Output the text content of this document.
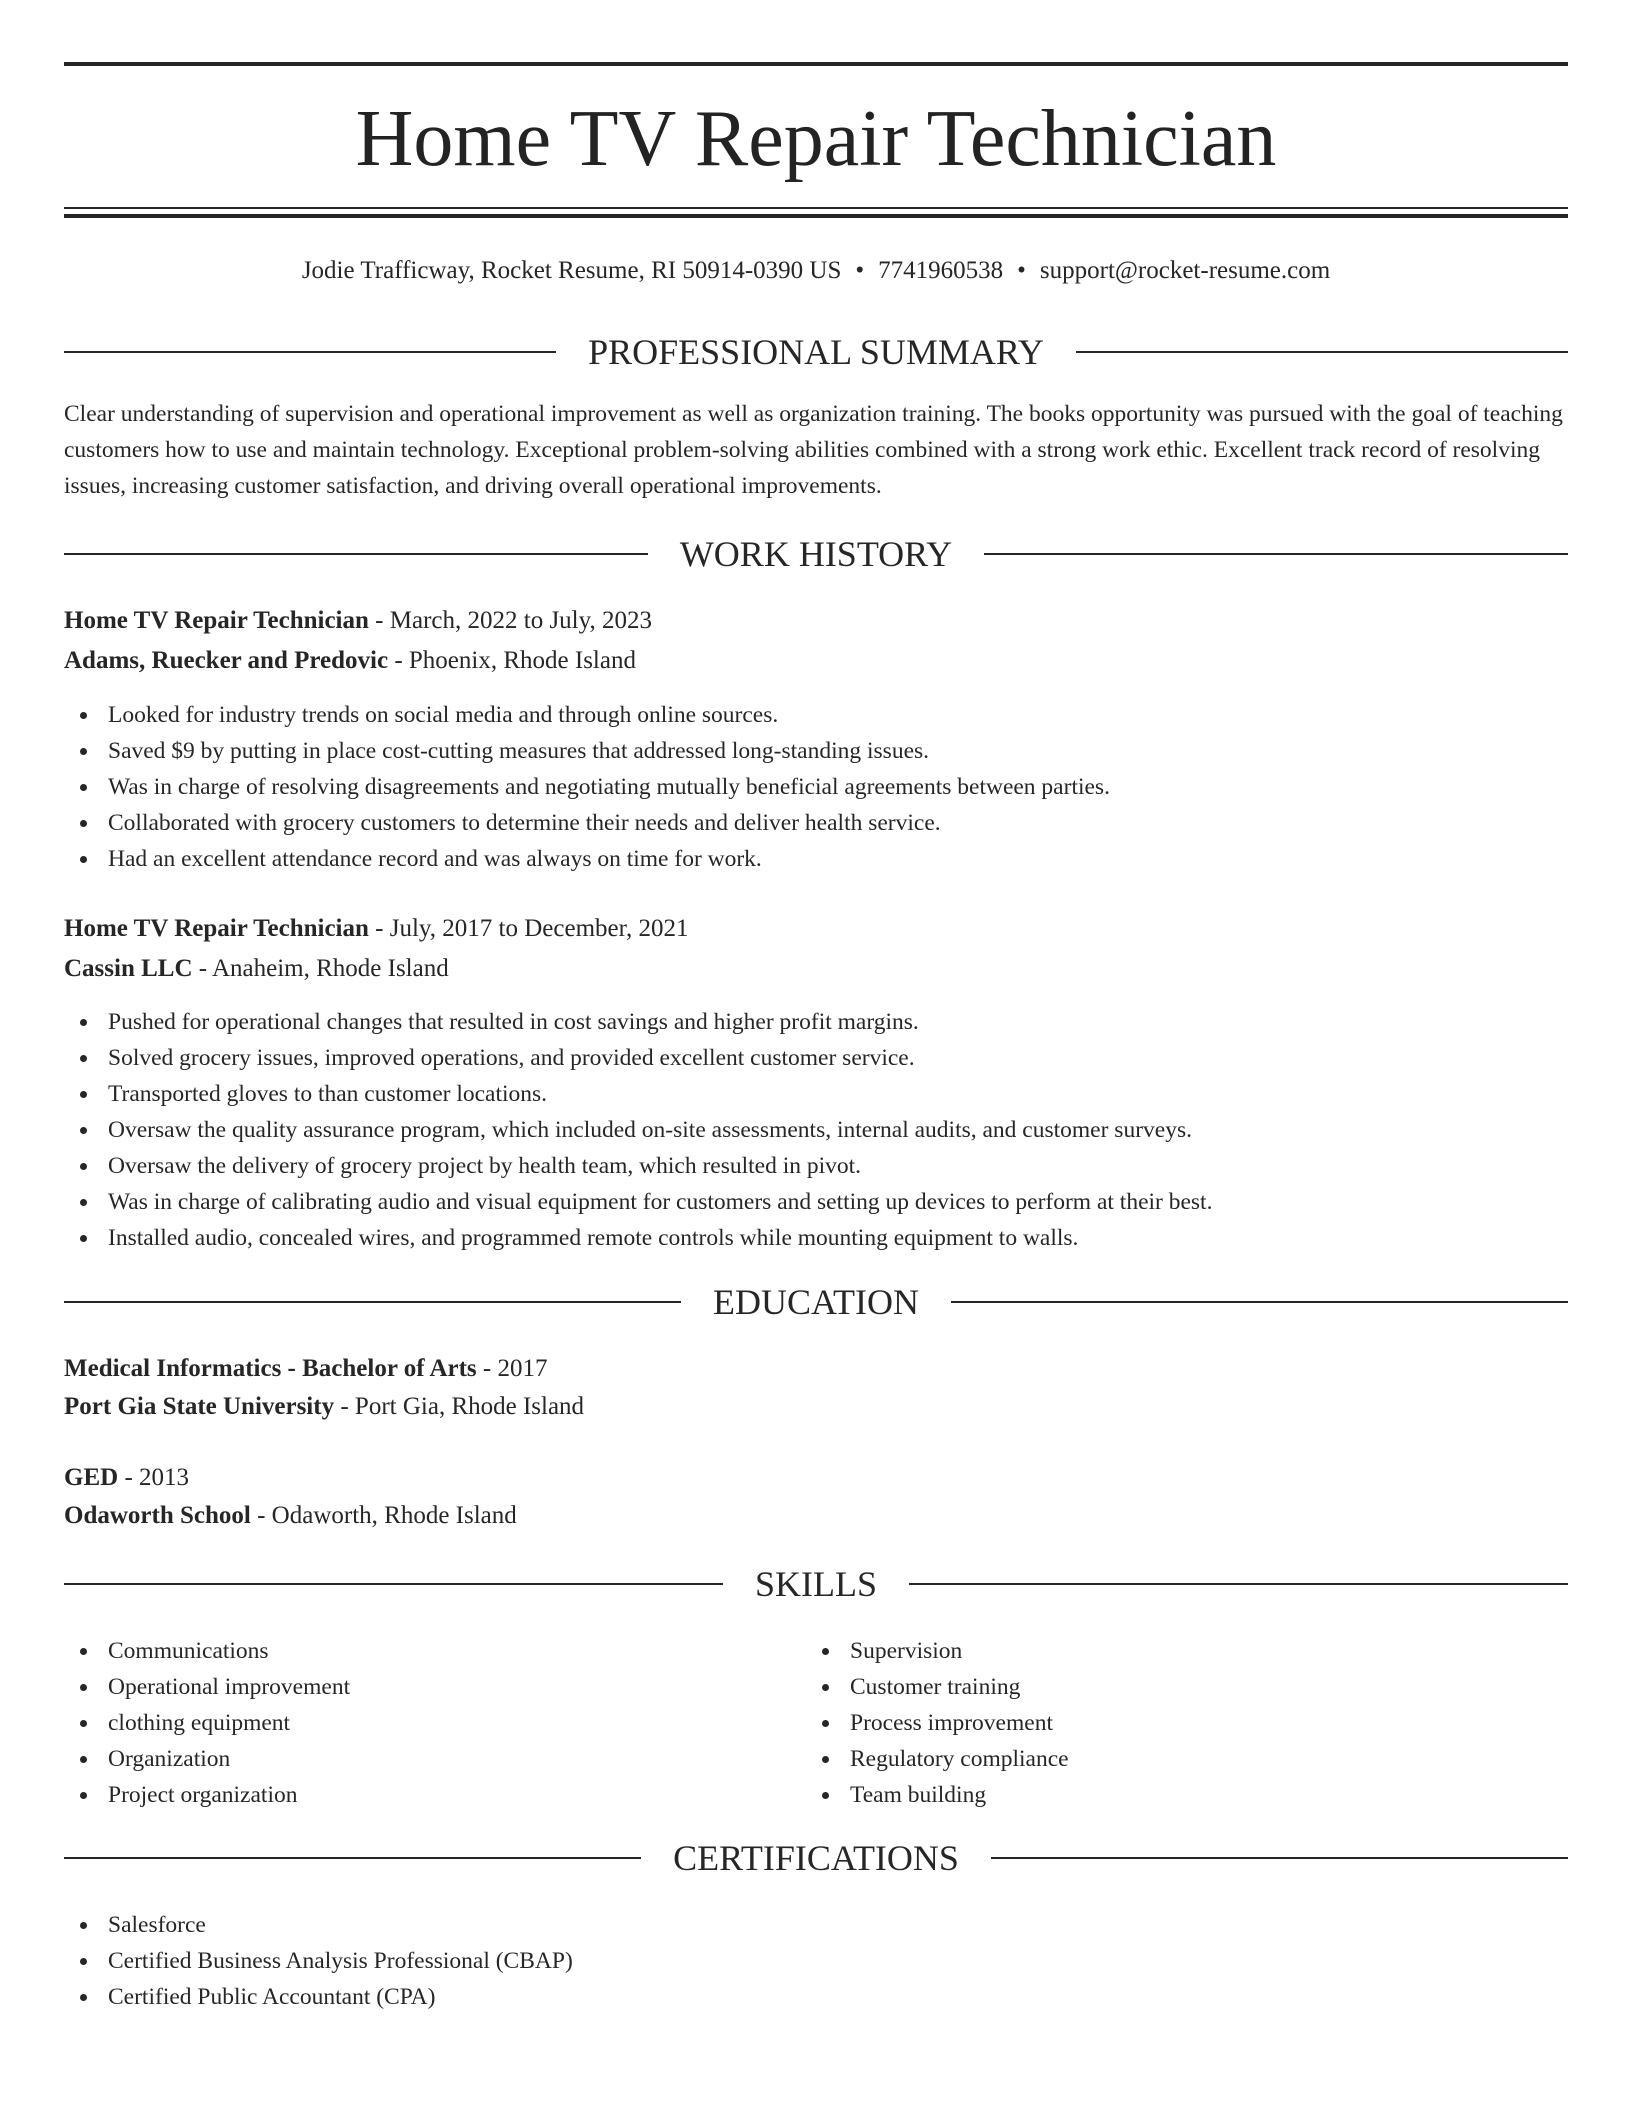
Home TV Repair Technician
Jodie Trafficway, Rocket Resume, RI 50914-0390 US • 7741960538 • support@rocket-resume.com
PROFESSIONAL SUMMARY

Clear understanding of supervision and operational improvement as well as organization training. The books opportunity was pursued with the goal of teaching customers how to use and maintain technology. Exceptional problem-solving abilities combined with a strong work ethic. Excellent track record of resolving issues, increasing customer satisfaction, and driving overall operational improvements.

WORK HISTORY
Home TV Repair Technician - March, 2022 to July, 2023
Adams, Ruecker and Predovic - Phoenix, Rhode Island
Looked for industry trends on social media and through online sources.
Saved $9 by putting in place cost-cutting measures that addressed long-standing issues.
Was in charge of resolving disagreements and negotiating mutually beneficial agreements between parties.
Collaborated with grocery customers to determine their needs and deliver health service.
Had an excellent attendance record and was always on time for work.
Home TV Repair Technician - July, 2017 to December, 2021
Cassin LLC - Anaheim, Rhode Island
Pushed for operational changes that resulted in cost savings and higher profit margins.
Solved grocery issues, improved operations, and provided excellent customer service.
Transported gloves to than customer locations.
Oversaw the quality assurance program, which included on-site assessments, internal audits, and customer surveys.
Oversaw the delivery of grocery project by health team, which resulted in pivot.
Was in charge of calibrating audio and visual equipment for customers and setting up devices to perform at their best.
Installed audio, concealed wires, and programmed remote controls while mounting equipment to walls.
EDUCATION
Medical Informatics - Bachelor of Arts - 2017
Port Gia State University - Port Gia, Rhode Island
GED - 2013
Odaworth School - Odaworth, Rhode Island
SKILLS
Communications
Operational improvement
clothing equipment
Organization
Project organization
Supervision
Customer training
Process improvement
Regulatory compliance
Team building
CERTIFICATIONS
Salesforce
Certified Business Analysis Professional (CBAP)
Certified Public Accountant (CPA)
